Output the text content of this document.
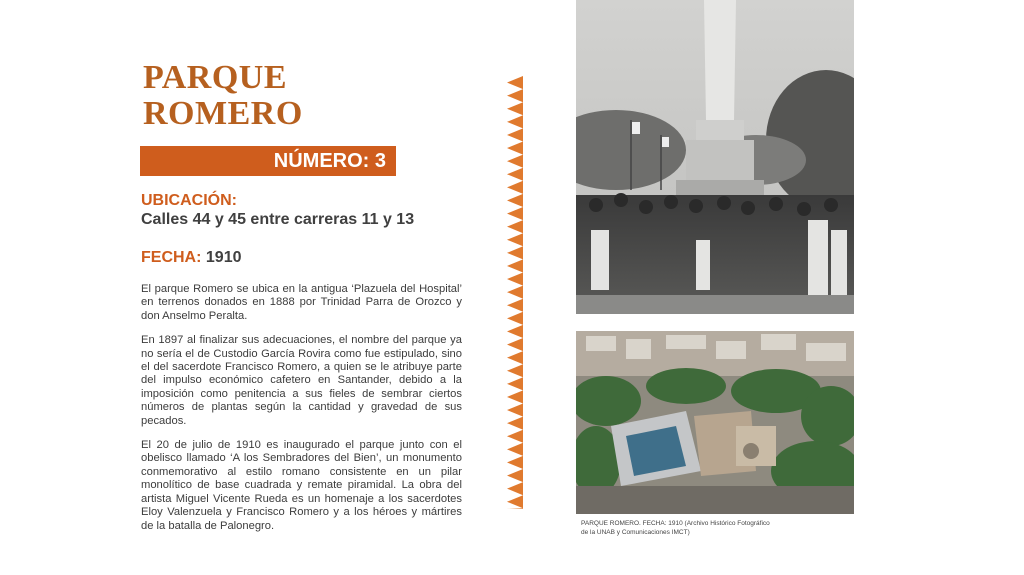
PARQUE
ROMERO
NÚMERO: 3
UBICACIÓN:
Calles 44 y 45 entre carreras 11 y 13
FECHA: 1910

El parque Romero se ubica en la antigua ‘Plazuela del Hospital’ en terrenos donados en 1888 por Trinidad Parra de Orozco y don Anselmo Peralta.

En 1897 al finalizar sus adecuaciones, el nombre del parque ya no sería el de Custodio García Rovira como fue estipulado, sino el del sacerdote Francisco Romero, a quien se le atribuye parte del impulso económico cafetero en Santander, debido a la imposición como penitencia a sus fieles de sembrar ciertos números de plantas según la cantidad y gravedad de sus pecados.

El 20 de julio de 1910 es inaugurado el parque junto con el obelisco llamado ‘A los Sembradores del Bien’, un monumento conmemorativo al estilo romano consistente en un pilar monolítico de base cuadrada y remate piramidal. La obra del artista Miguel Vicente Rueda es un homenaje a los sacerdotes Eloy Valenzuela y Francisco Romero y a los héroes y mártires de la batalla de Palonegro.	PARQUE ROMERO. FECHA: 1910 (Archivo Histórico Fotográfico
de la UNAB y Comunicaciones IMCT)
